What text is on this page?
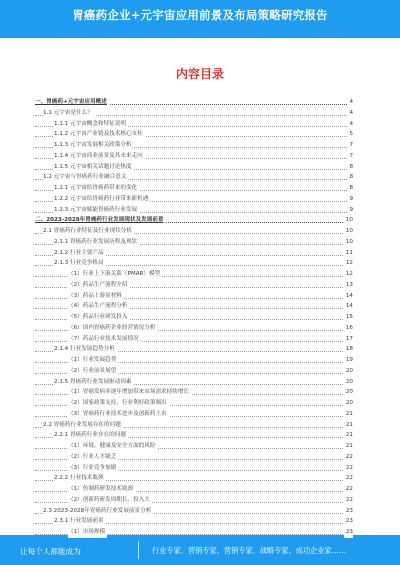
胃癌药企业+元宇宙应用前景及布局策略研究报告
内容目录
一、胃癌药+元宇宙应用概述	4
1.1 元宇宙是什么？	4
1.1.1 元宇宙概念和特征说明	4
1.1.2 元宇宙产业链及技术核心支柱	5
1.1.3 元宇宙发展相关政策分析	7
1.1.4 元宇宙商业前景及其未来走向	7
1.1.5 元宇宙相关话题讨论热度	8
1.2 元宇宙与胃癌药行业融合意义	8
1.2.1 元宇宙给胃癌药带来的变化	8
1.2.2 元宇宙给胃癌药行业带来新机遇	9
1.2.3 元宇宙赋能胃癌药行业发展	9
二、2023-2028年胃癌药行业发展现状及发展前景	10
2.1 胃癌药行业特征及行业现状分析	10
2.1.1 胃癌药行业发展历程及现状	10
2.1.2 行业主要产品	11
2.1.3 行业竞争格局	12
（1）行业上下游关系（PMAR）模型	12
（2）药品生产流程介绍	13
（3）药品上游原材料	14
（4）药品生产流程分析	14
（5）药品行业研发投入	15
（6）国内胃癌药企业经营情况分析	16
（7）药品行业技术发展情况	17
2.1.4 行业发展趋势分析	18
（1）行业发展趋势	19
（2）行业前景展望	20
2.1.5 胃癌药行业发展驱动因素	20
（1）胃癌发病率逐年增加带来市场需求持续增长	20
（2）国家政策支持，行业利好政策频出	20
（3）胃癌药行业技术进步及创新药上市	21
2.2 胃癌药行业发展存在的问题	21
2.2.1 胃癌药行业存在的问题	21
（1）环境、健康及安全方面的风险	21
（2）行业人才缺乏	22
（3）行业竞争加剧	22
2.2.2 行业技术瓶颈	22
（1）仿制药研发技术瓶颈	22
（2）创新药研发周期长、投入大	22
2.3 2023-2028年胃癌药行业发展前景分析	23
2.3.1 行业发展前景	23
（1）市场规模	23
让每个人都能成为	行业专家、营销专家、营销专家、战略专家、成功企业家……
